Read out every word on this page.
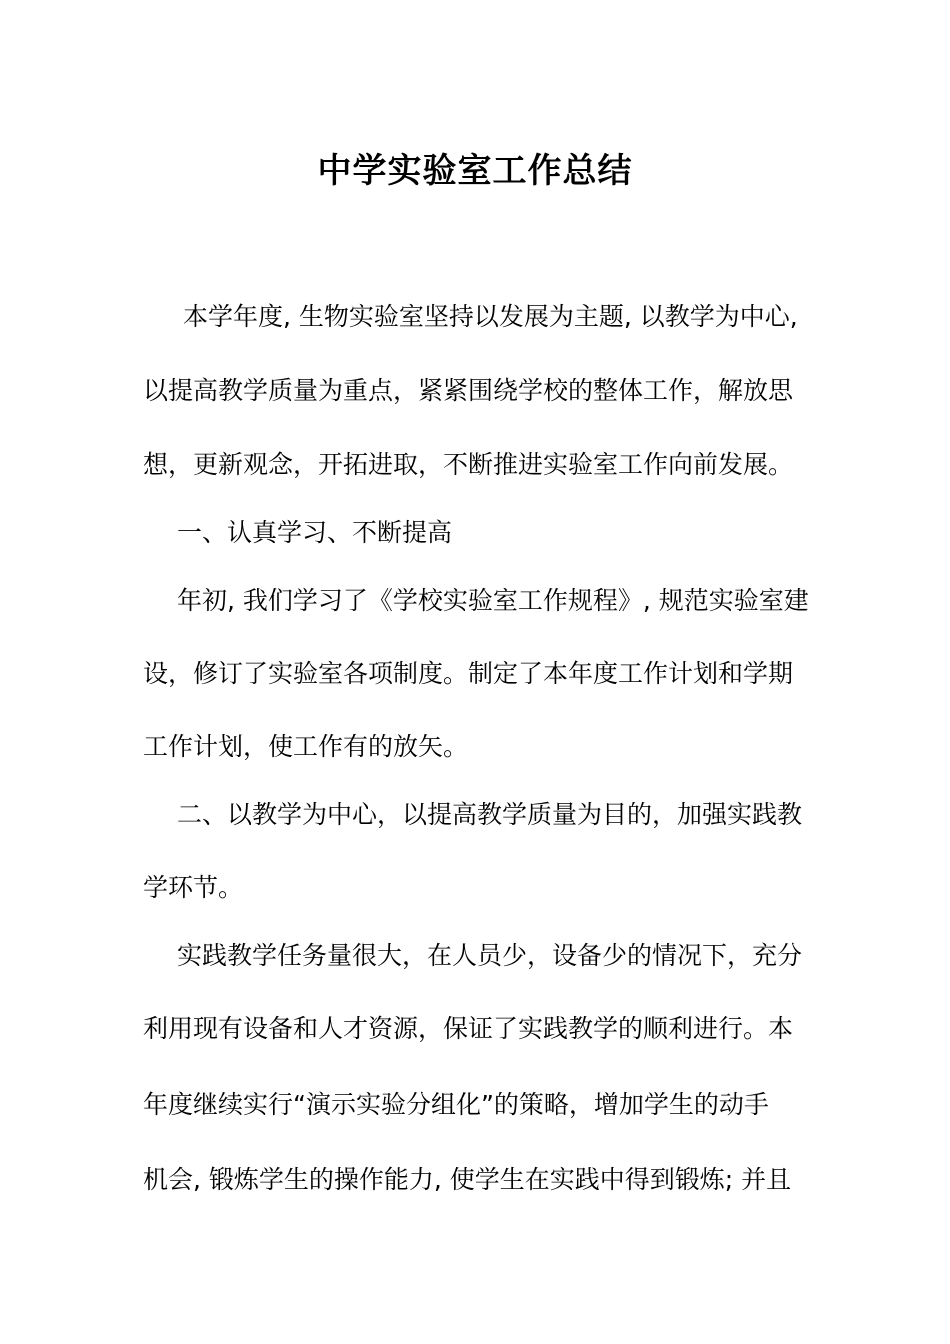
中学实验室工作总结
本学年度, 生物实验室坚持以发展为主题, 以教学为中心,
以提高教学质量为重点，紧紧围绕学校的整体工作，解放思
想，更新观念，开拓进取，不断推进实验室工作向前发展。
一、认真学习、不断提高
年初, 我们学习了《学校实验室工作规程》, 规范实验室建
设，修订了实验室各项制度。制定了本年度工作计划和学期
工作计划，使工作有的放矢。
二、以教学为中心，以提高教学质量为目的，加强实践教
学环节。
实践教学任务量很大，在人员少，设备少的情况下，充分
利用现有设备和人才资源，保证了实践教学的顺利进行。本
年度继续实行“演示实验分组化”的策略，增加学生的动手
机会, 锻炼学生的操作能力, 使学生在实践中得到锻炼; 并且
